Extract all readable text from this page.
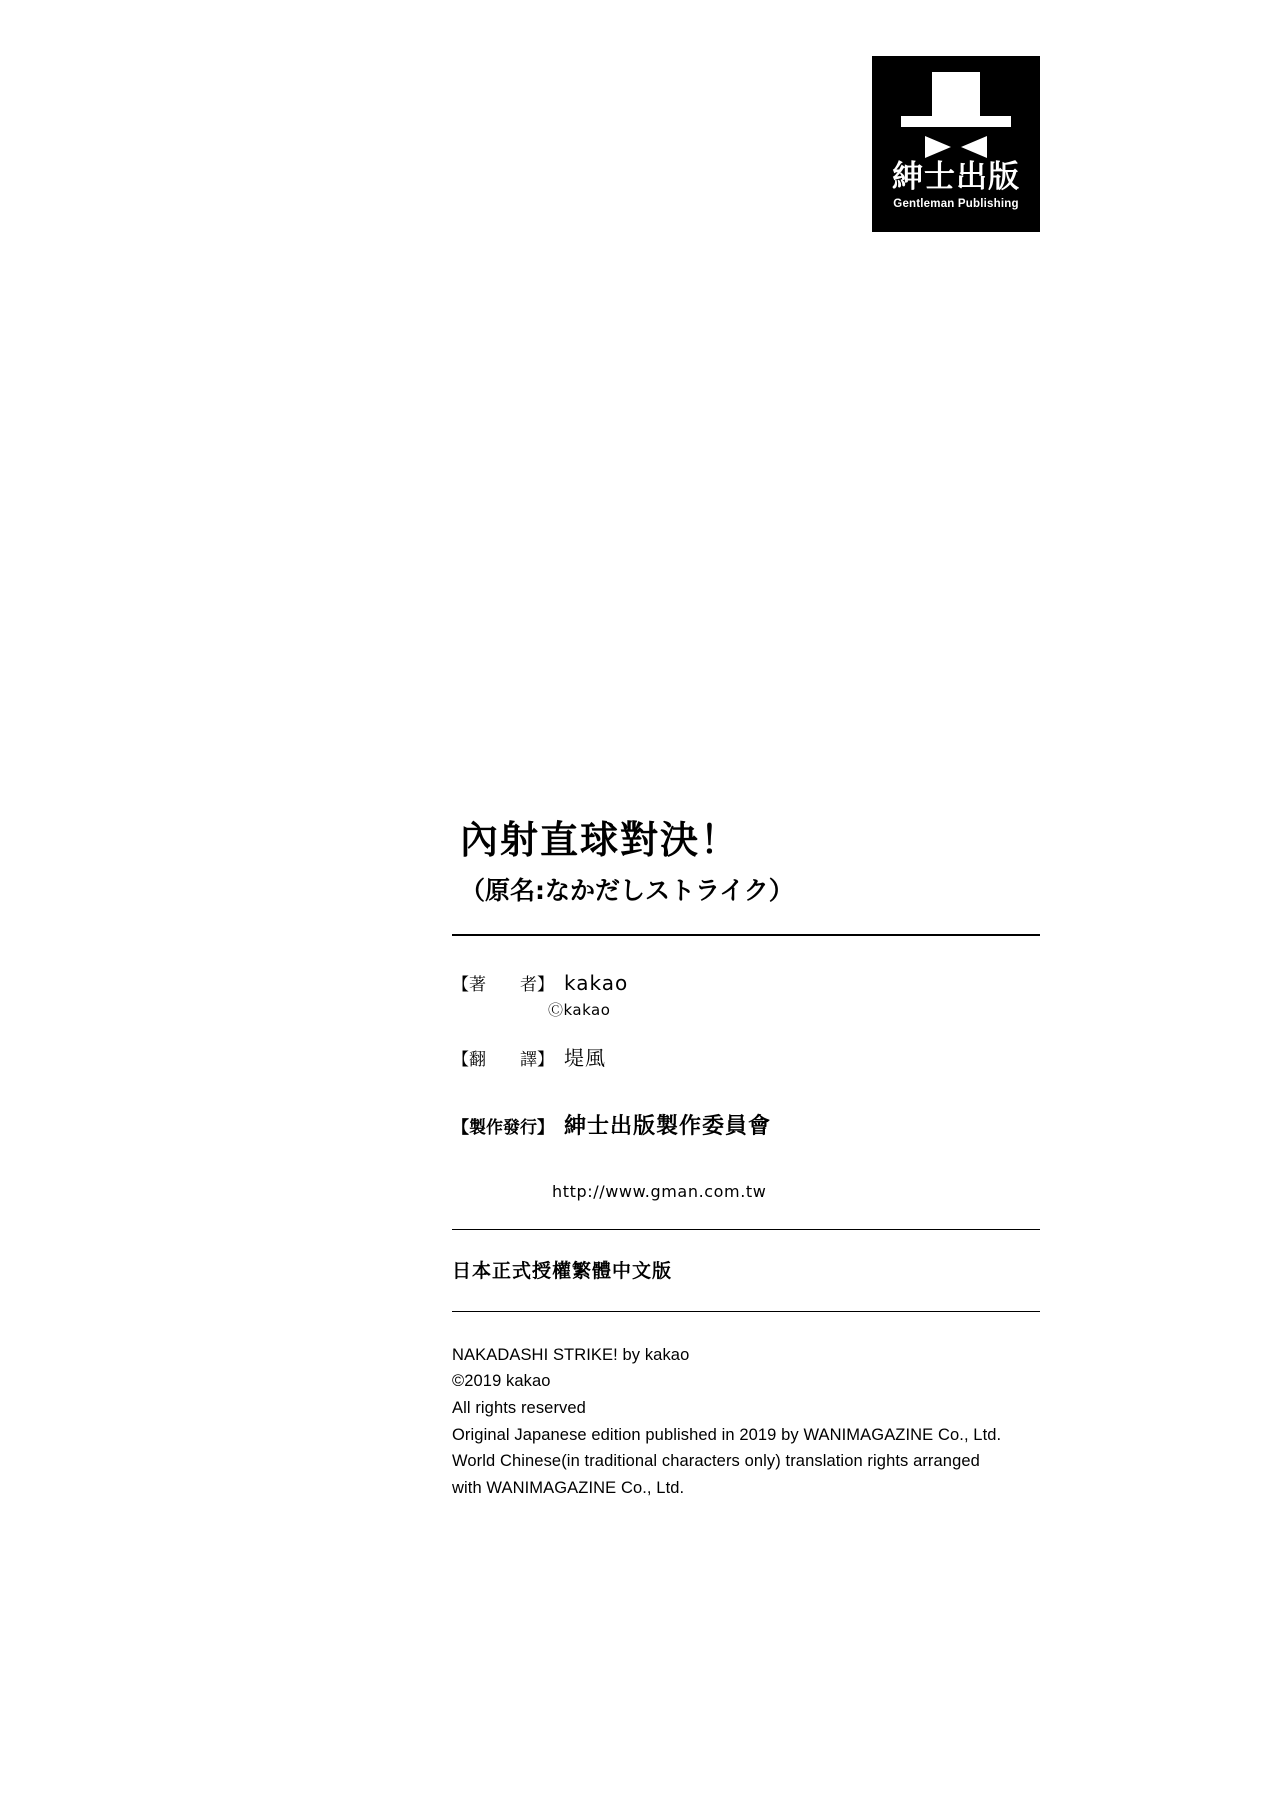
紳士出版
Gentleman Publishing
內射直球對決！
（原名:なかだしストライク）
【著　　者】 kakao
Ⓒkakao
【翻　　譯】 堤風
【製作發行】 紳士出版製作委員會
http://www.gman.com.tw
日本正式授權繁體中文版
NAKADASHI STRIKE! by kakao
©2019 kakao
All rights reserved
Original Japanese edition published in 2019 by WANIMAGAZINE Co., Ltd.
World Chinese(in traditional characters only) translation rights arranged
with WANIMAGAZINE Co., Ltd.
